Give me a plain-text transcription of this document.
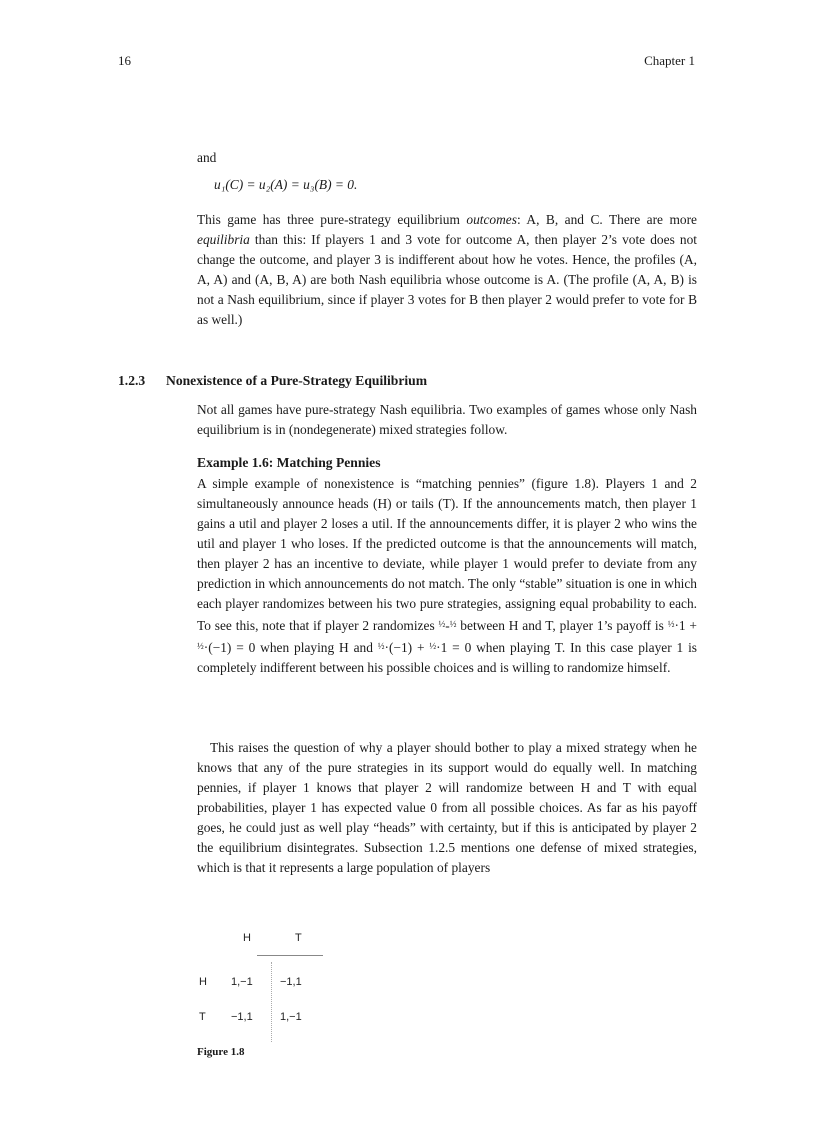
16	Chapter 1
and
u₁(C) = u₂(A) = u₃(B) = 0.

This game has three pure-strategy equilibrium outcomes: A, B, and C. There are more equilibria than this: If players 1 and 3 vote for outcome A, then player 2’s vote does not change the outcome, and player 3 is indifferent about how he votes. Hence, the profiles (A, A, A) and (A, B, A) are both Nash equilibria whose outcome is A. (The profile (A, A, B) is not a Nash equilibrium, since if player 3 votes for B then player 2 would prefer to vote for B as well.)

1.2.3 Nonexistence of a Pure-Strategy Equilibrium

Not all games have pure-strategy Nash equilibria. Two examples of games whose only Nash equilibrium is in (nondegenerate) mixed strategies follow.

Example 1.6: Matching Pennies

A simple example of nonexistence is “matching pennies” (figure 1.8). Players 1 and 2 simultaneously announce heads (H) or tails (T). If the announcements match, then player 1 gains a util and player 2 loses a util. If the announcements differ, it is player 2 who wins the util and player 1 who loses. If the predicted outcome is that the announcements will match, then player 2 has an incentive to deviate, while player 1 would prefer to deviate from any prediction in which announcements do not match. The only “stable” situation is one in which each player randomizes between his two pure strategies, assigning equal probability to each. To see this, note that if player 2 randomizes $^{\frac{1}{2}}$-$^{\frac{1}{2}}$ between H and T, player 1’s payoff is $^{\frac{1}{2}}$·1 + $^{\frac{1}{2}}$·(−1) = 0 when playing H and $^{\frac{1}{2}}$·(−1) + $^{\frac{1}{2}}$·1 = 0 when playing T. In this case player 1 is completely indifferent between his possible choices and is willing to randomize himself.

This raises the question of why a player should bother to play a mixed strategy when he knows that any of the pure strategies in its support would do equally well. In matching pennies, if player 1 knows that player 2 will randomize between H and T with equal probabilities, player 1 has expected value 0 from all possible choices. As far as his payoff goes, he could just as well play “heads” with certainty, but if this is anticipated by player 2 the equilibrium disintegrates. Subsection 1.2.5 mentions one defense of mixed strategies, which is that it represents a large population of players

H	T
H
T
1,−1 −1,1
−1,1 1,−1
Figure 1.8
